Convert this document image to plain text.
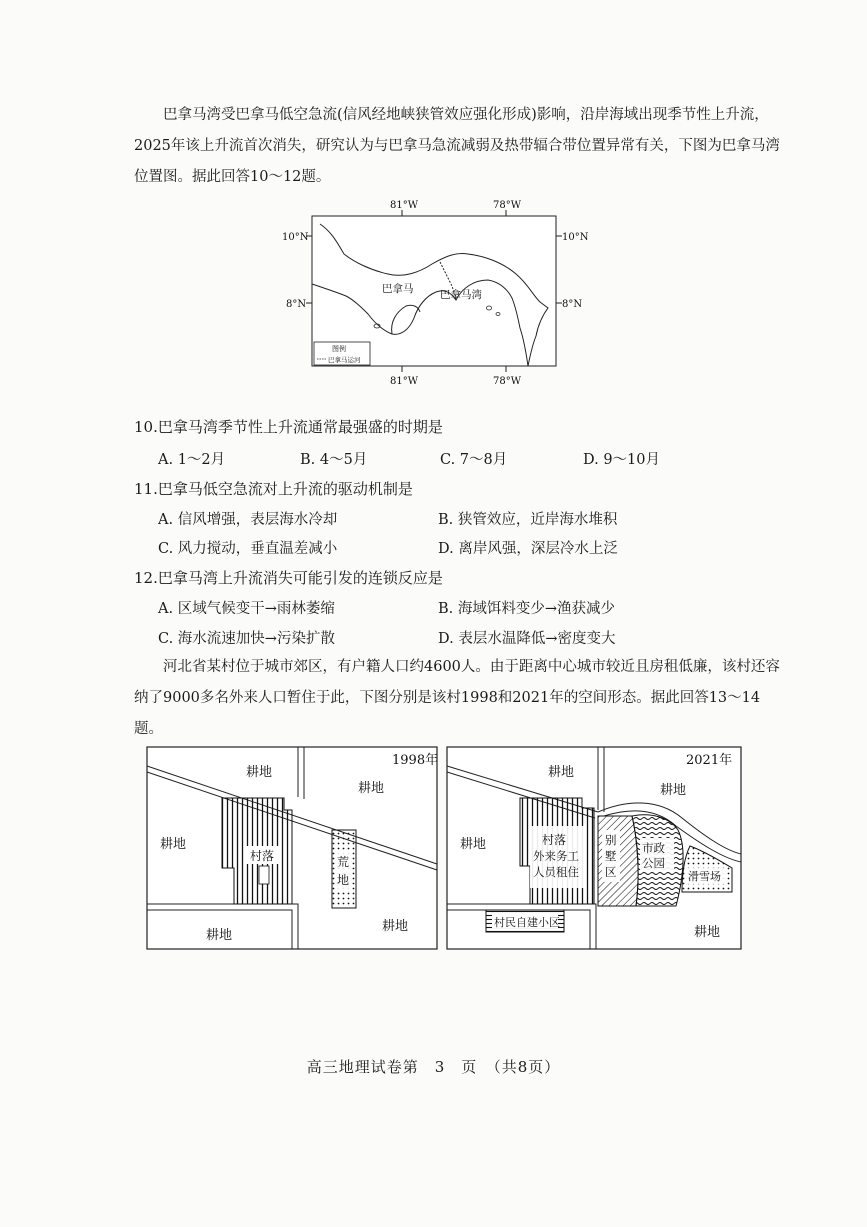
巴拿马湾受巴拿马低空急流(信风经地峡狭管效应强化形成)影响，沿岸海域出现季节性上升流，2025年该上升流首次消失，研究认为与巴拿马急流减弱及热带辐合带位置异常有关，下图为巴拿马湾位置图。据此回答10～12题。

81°W	78°W
81°W	78°W
10°N
8°N
10°N
8°N
巴拿马	巴拿马湾
图例
巴拿马运河
10.巴拿马湾季节性上升流通常最强盛的时期是
A. 1～2月	B. 4～5月	C. 7～8月	D. 9～10月
11.巴拿马低空急流对上升流的驱动机制是
A. 信风增强，表层海水冷却	B. 狭管效应，近岸海水堆积
C. 风力搅动，垂直温差减小	D. 离岸风强，深层冷水上泛
12.巴拿马湾上升流消失可能引发的连锁反应是
A. 区域气候变干→雨林萎缩	B. 海域饵料变少→渔获减少
C. 海水流速加快→污染扩散	D. 表层水温降低→密度变大

河北省某村位于城市郊区，有户籍人口约4600人。由于距离中心城市较近且房租低廉，该村还容纳了9000多名外来人口暂住于此，下图分别是该村1998和2021年的空间形态。据此回答13～14题。

1998年
耕地
耕地
耕地
村落	荒
地
耕地
耕地
2021年
耕地
耕地
耕地	村落
外来务工
人员租住
别
墅
区
市政
公园
滑雪场
村民自建小区
耕地
高三地理试卷第　3　页　（共8页）
